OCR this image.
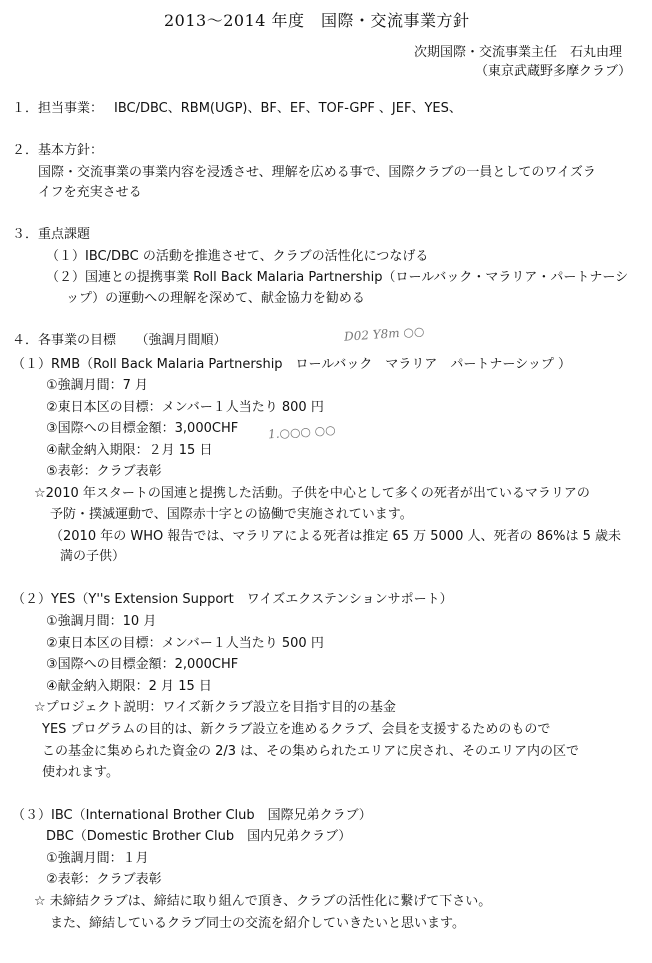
2013〜2014 年度　国際・交流事業方針
次期国際・交流事業主任　石丸由理
（東京武蔵野多摩クラブ）
１．担当事業： IBC/DBC、RBM(UGP)、BF、EF、TOF-GPF 、JEF、YES、
２．基本方針：
国際・交流事業の事業内容を浸透させ、理解を広める事で、国際クラブの一員としてのワイズラ
イフを充実させる
３．重点課題
（１）IBC/DBC の活動を推進させて、クラブの活性化につなげる
（２）国連との提携事業 Roll Back Malaria Partnership（ロールバック・マラリア・パートナーシ
ップ）の運動への理解を深めて、献金協力を勧める
４．各事業の目標　　（強調月間順）	D02 Y8m ○○
1.○○○ ○○
（１）RMB（Roll Back Malaria Partnership　ロールバック　マラリア　パートナーシップ ）
①強調月間：7 月
②東日本区の目標：メンバー１人当たり 800 円
③国際への目標金額：3,000CHF
④献金納入期限：２月 15 日
⑤表彰：クラブ表彰
☆2010 年スタートの国連と提携した活動。子供を中心として多くの死者が出ているマラリアの
予防・撲滅運動で、国際赤十字との協働で実施されています。
（2010 年の WHO 報告では、マラリアによる死者は推定 65 万 5000 人、死者の 86%は 5 歳未
満の子供）
（２）YES（Y''s Extension Support　ワイズエクステンションサポート）
①強調月間：10 月
②東日本区の目標：メンバー１人当たり 500 円
③国際への目標金額：2,000CHF
④献金納入期限：2 月 15 日
☆プロジェクト説明：ワイズ新クラブ設立を目指す目的の基金
YES プログラムの目的は、新クラブ設立を進めるクラブ、会員を支援するためのもので
この基金に集められた資金の 2/3 は、その集められたエリアに戻され、そのエリア内の区で
使われます。
（３）IBC（International Brother Club　国際兄弟クラブ）
DBC（Domestic Brother Club　国内兄弟クラブ）
①強調月間：１月
②表彰：クラブ表彰
☆ 未締結クラブは、締結に取り組んで頂き、クラブの活性化に繋げて下さい。
また、締結しているクラブ同士の交流を紹介していきたいと思います。
